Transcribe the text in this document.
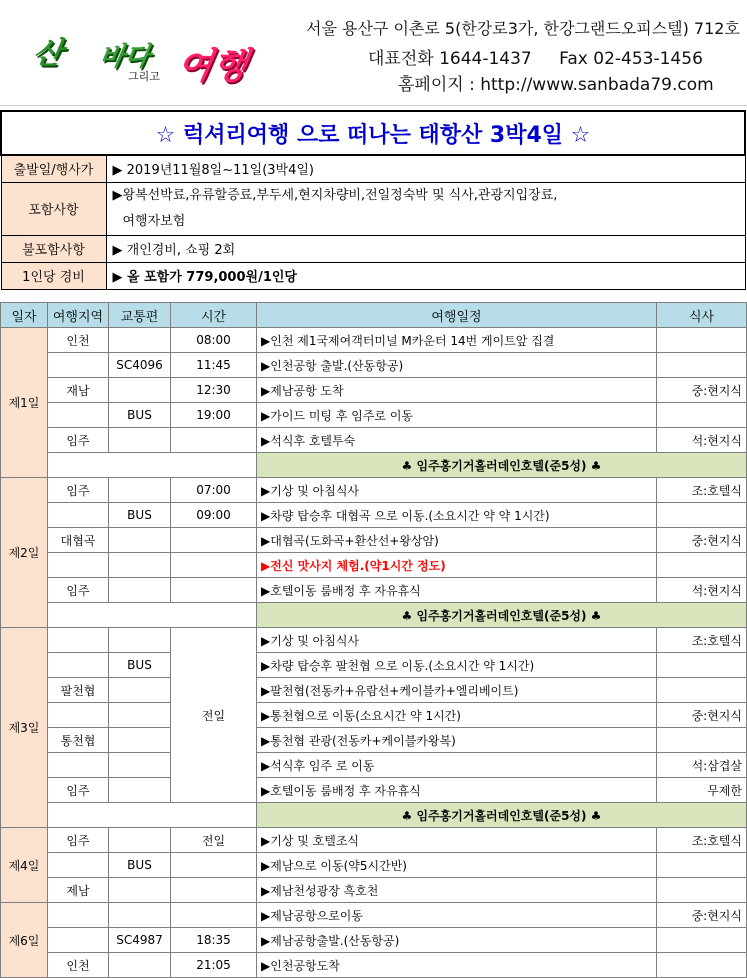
산 바다
그리고 여행
서울 용산구 이촌로 5(한강로3가, 한강그랜드오피스텔) 712호
대표전화 1644-1437 Fax 02-453-1456
홈페이지 : http://www.sanbada79.com
☆ 럭셔리여행 으로 떠나는 태항산 3박4일 ☆	
출발일/행사가	▶ 2019년11월8일~11일(3박4일)
포함사항	▶왕복선박료,유류할증료,부두세,현지차량비,전일정숙박 및 식사,관광지입장료,
여행자보험

불포함사항	▶ 개인경비, 쇼핑 2회
1인당 경비	▶ 올 포함가 779,000원/1인당
일자	여행지역	교통편	시간	여행일정	식사
제1일	인천		08:00	▶인천 제1국제여객터미널 M카운터 14번 게이트앞 집결	
		SC4096	11:45	▶인천공항 출발.(산동항공)	
	재남		12:30	▶제남공항 도착	중:현지식
		BUS	19:00	▶가이드 미팅 후 임주로 이동	
	임주			▶석식후 호텔투숙	석:현지식
				♣ 임주홍기거홀러데인호텔(준5성) ♣	
제2일	임주		07:00	▶기상 및 아침식사	조:호텔식
		BUS	09:00	▶차량 탑승후 대협곡 으로 이동.(소요시간 약 약 1시간)	
	대협곡			▶대협곡(도화곡+환산선+왕상암)	중:현지식
				▶전신 맛사지 체험.(약1시간 정도)	
	임주			▶호텔이동 룸배정 후 자유휴식	석:현지식
				♣ 임주홍기거홀러데인호텔(준5성) ♣	
제3일			전일	▶기상 및 아침식사	조:호텔식
		BUS		▶차량 탑승후 팔천협 으로 이동.(소요시간 약 1시간)	
	팔천협			▶팔천협(전동카+유람선+케이블카+엘리베이트)	
				▶통천협으로 이동(소요시간 약 1시간)	중:현지식
	통천협			▶통천협 관광(전동카+케이블카왕복)	
				▶석식후 임주 로 이동	석:삼겹살
	임주			▶호텔이동 룸배정 후 자유휴식	무제한
				♣ 임주홍기거홀러데인호텔(준5성) ♣	
제4일	임주		전일	▶기상 및 호텔조식	조:호텔식
		BUS		▶제남으로 이동(약5시간반)	
	제남			▶제남천성광장 흑호천	
제6일				▶제남공항으로이동	중:현지식
		SC4987	18:35	▶제남공항출발.(산동항공)	
	인천		21:05	▶인천공항도착	
